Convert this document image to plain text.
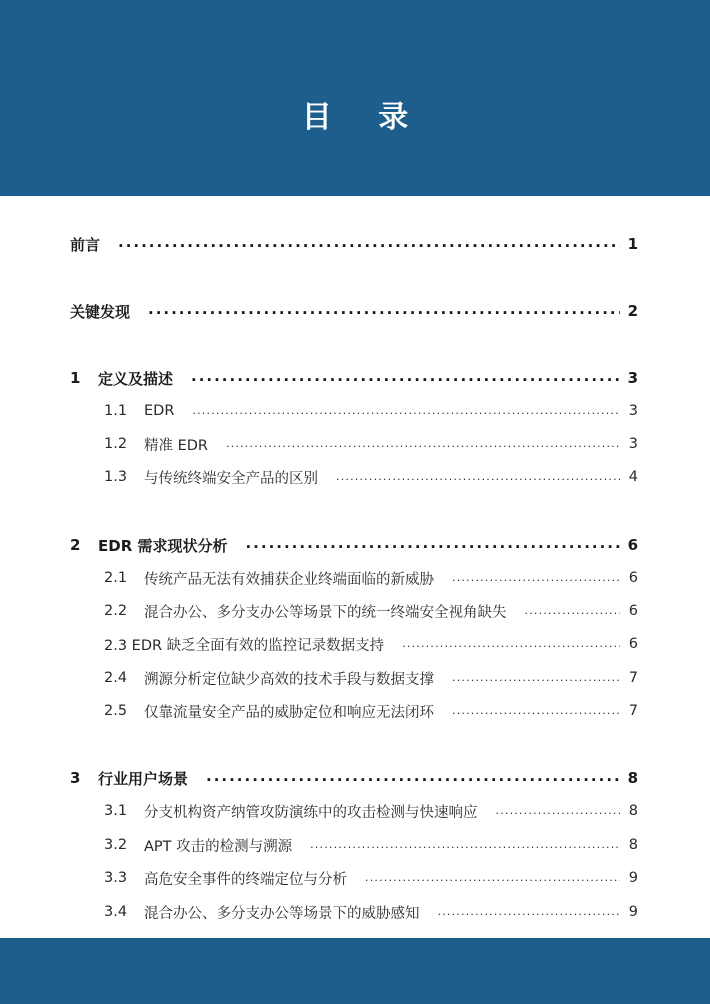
目 录
前言 .....	1
关键发现 .....	2
1	定义及描述 .....	3
1.1	EDR .....	3
1.2	精准 EDR .....	3
1.3	与传统终端安全产品的区别 .....	4
2	EDR 需求现状分析 .....	6
2.1	传统产品无法有效捕获企业终端面临的新威胁 .....	6
2.2	混合办公、多分支办公等场景下的统一终端安全视角缺失 .....	6
2.3 EDR 缺乏全面有效的监控记录数据支持 .....	6
2.4	溯源分析定位缺少高效的技术手段与数据支撑 .....	7
2.5	仅靠流量安全产品的威胁定位和响应无法闭环 .....	7
3	行业用户场景 .....	8
3.1	分支机构资产纳管攻防演练中的攻击检测与快速响应 .....	8
3.2	APT 攻击的检测与溯源 .....	8
3.3	高危安全事件的终端定位与分析 .....	9
3.4	混合办公、多分支办公等场景下的威胁感知 .....	9
